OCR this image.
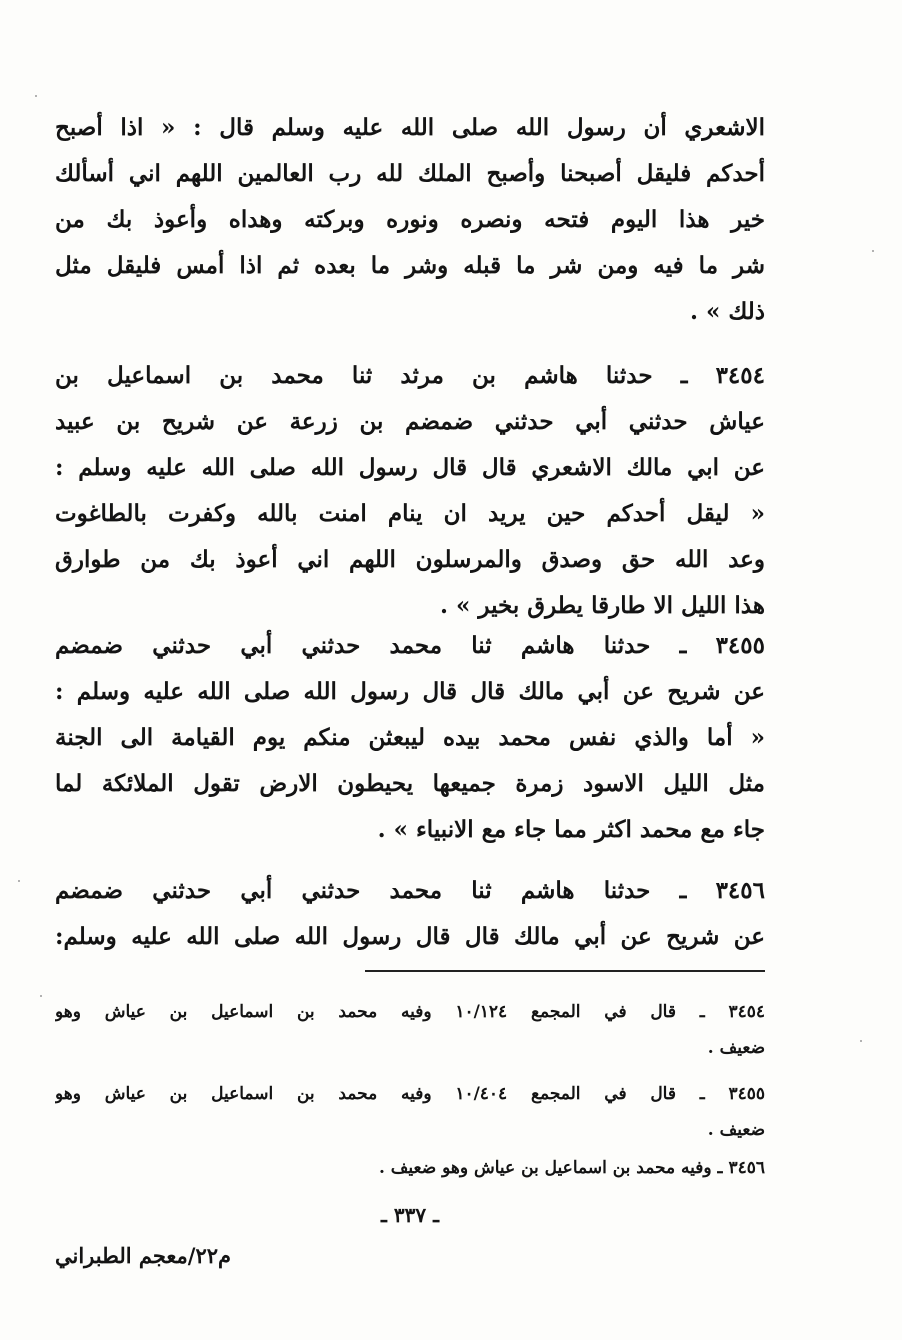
الاشعري أن رسول الله صلى الله عليه وسلم قال : « اذا أصبح
أحدكم فليقل أصبحنا وأصبح الملك لله رب العالمين اللهم اني أسألك
خير هذا اليوم فتحه ونصره ونوره وبركته وهداه وأعوذ بك من
شر ما فيه ومن شر ما قبله وشر ما بعده ثم اذا أمس فليقل مثل
ذلك » .
٣٤٥٤ ـ حدثنا هاشم بن مرثد ثنا محمد بن اسماعيل بن
عياش حدثني أبي حدثني ضمضم بن زرعة عن شريح بن عبيد
عن ابي مالك الاشعري قال قال رسول الله صلى الله عليه وسلم :
« ليقل أحدكم حين يريد ان ينام امنت بالله وكفرت بالطاغوت
وعد الله حق وصدق والمرسلون اللهم اني أعوذ بك من طوارق
هذا الليل الا طارقا يطرق بخير » .
٣٤٥٥ ـ حدثنا هاشم ثنا محمد حدثني أبي حدثني ضمضم
عن شريح عن أبي مالك قال قال رسول الله صلى الله عليه وسلم :
« أما والذي نفس محمد بيده ليبعثن منكم يوم القيامة الى الجنة
مثل الليل الاسود زمرة جميعها يحيطون الارض تقول الملائكة لما
جاء مع محمد اكثر مما جاء مع الانبياء » .
٣٤٥٦ ـ حدثنا هاشم ثنا محمد حدثني أبي حدثني ضمضم
عن شريح عن أبي مالك قال قال رسول الله صلى الله عليه وسلم:
٣٤٥٤ ـ قال في المجمع ١٠/١٢٤ وفيه محمد بن اسماعيل بن عياش وهو
ضعيف .
٣٤٥٥ ـ قال في المجمع ١٠/٤٠٤ وفيه محمد بن اسماعيل بن عياش وهو
ضعيف .
٣٤٥٦ ـ وفيه محمد بن اسماعيل بن عياش وهو ضعيف .
ـ ٣٣٧ ـ
م٢٢/معجم الطبراني
